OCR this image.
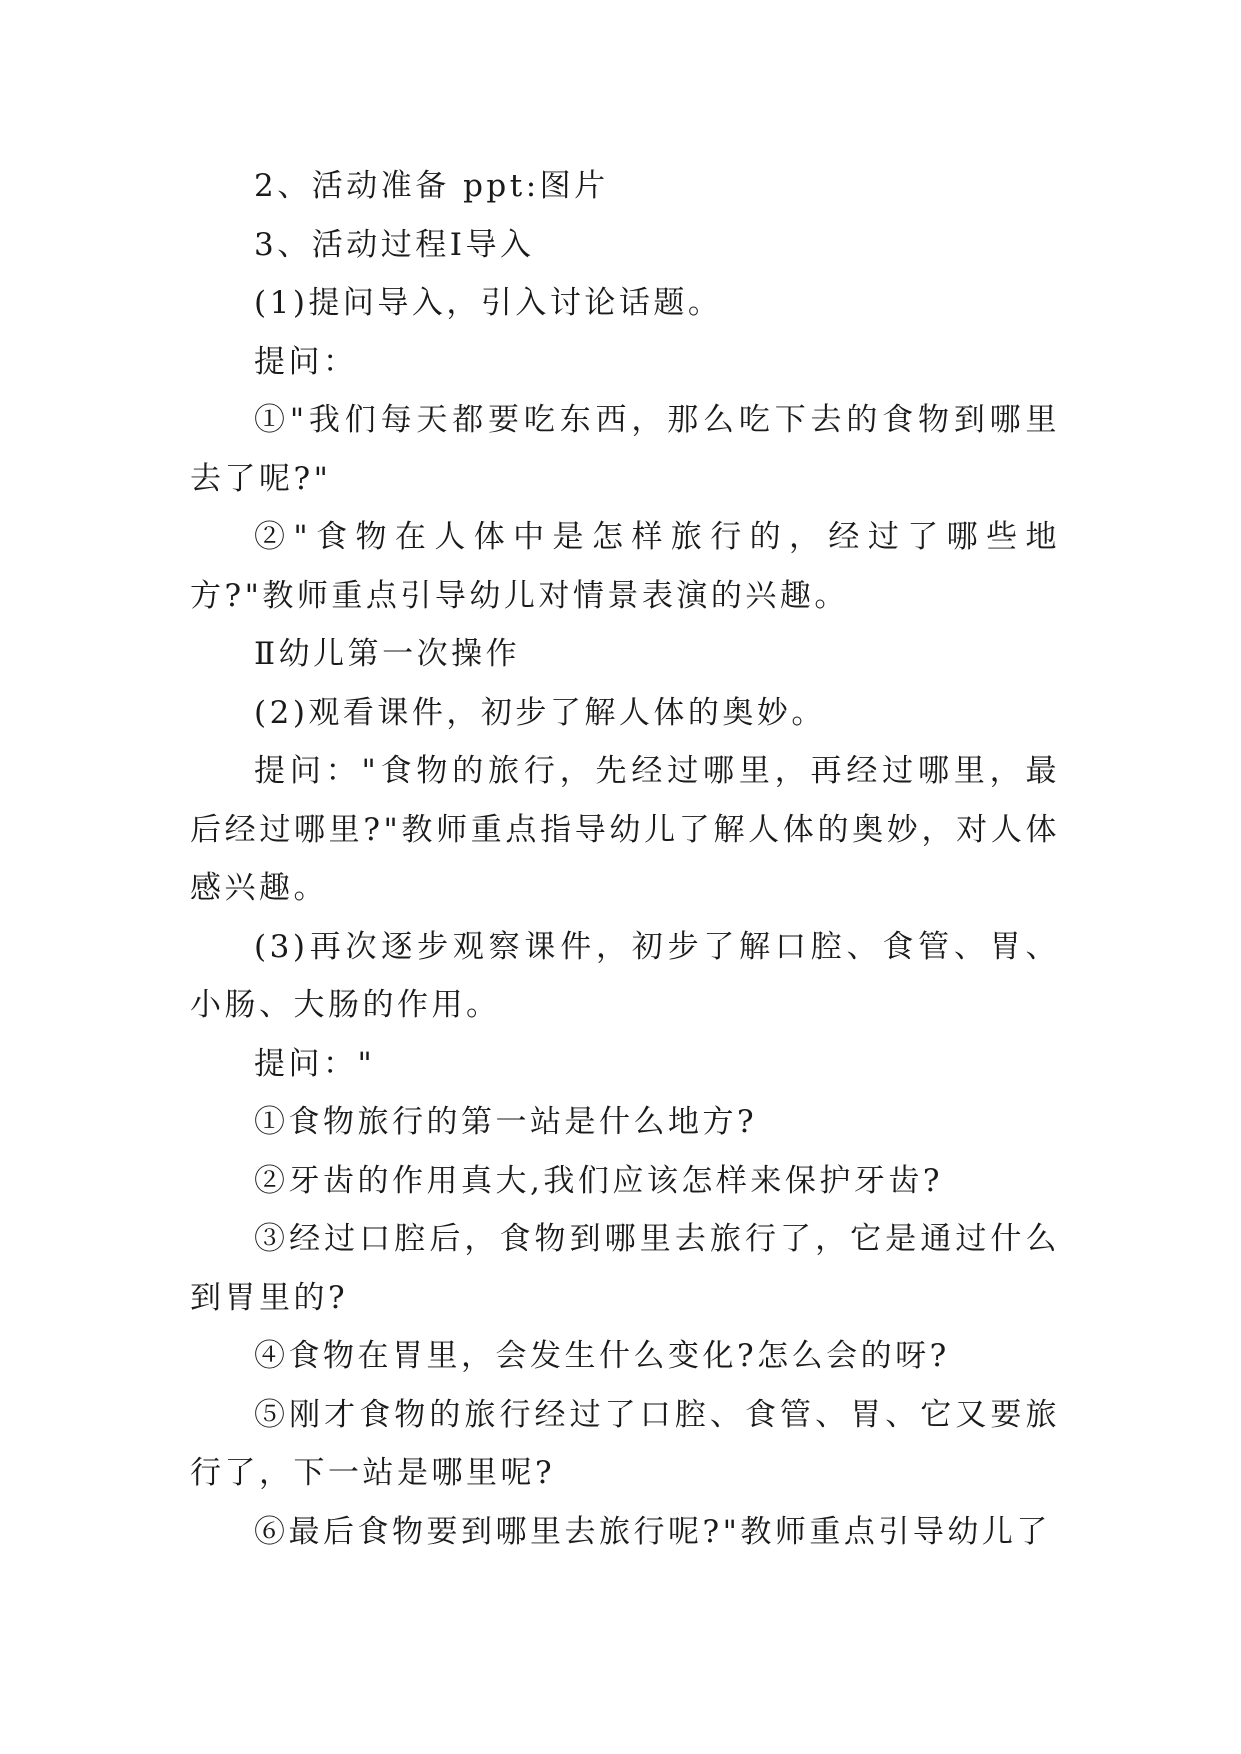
2、活动准备 ppt:图片

3、活动过程Ⅰ导入

(1)提问导入，引入讨论话题。

提问：

①"我们每天都要吃东西，那么吃下去的食物到哪里去了呢?"

②"食物在人体中是怎样旅行的，经过了哪些地方?"教师重点引导幼儿对情景表演的兴趣。

Ⅱ幼儿第一次操作

(2)观看课件，初步了解人体的奥妙。

提问："食物的旅行，先经过哪里，再经过哪里，最后经过哪里?"教师重点指导幼儿了解人体的奥妙，对人体感兴趣。

(3)再次逐步观察课件，初步了解口腔、食管、胃、小肠、大肠的作用。

提问："

①食物旅行的第一站是什么地方?

②牙齿的作用真大,我们应该怎样来保护牙齿?

③经过口腔后，食物到哪里去旅行了，它是通过什么到胃里的?

④食物在胃里，会发生什么变化?怎么会的呀?

⑤刚才食物的旅行经过了口腔、食管、胃、它又要旅行了，下一站是哪里呢?

⑥最后食物要到哪里去旅行呢?"教师重点引导幼儿了
